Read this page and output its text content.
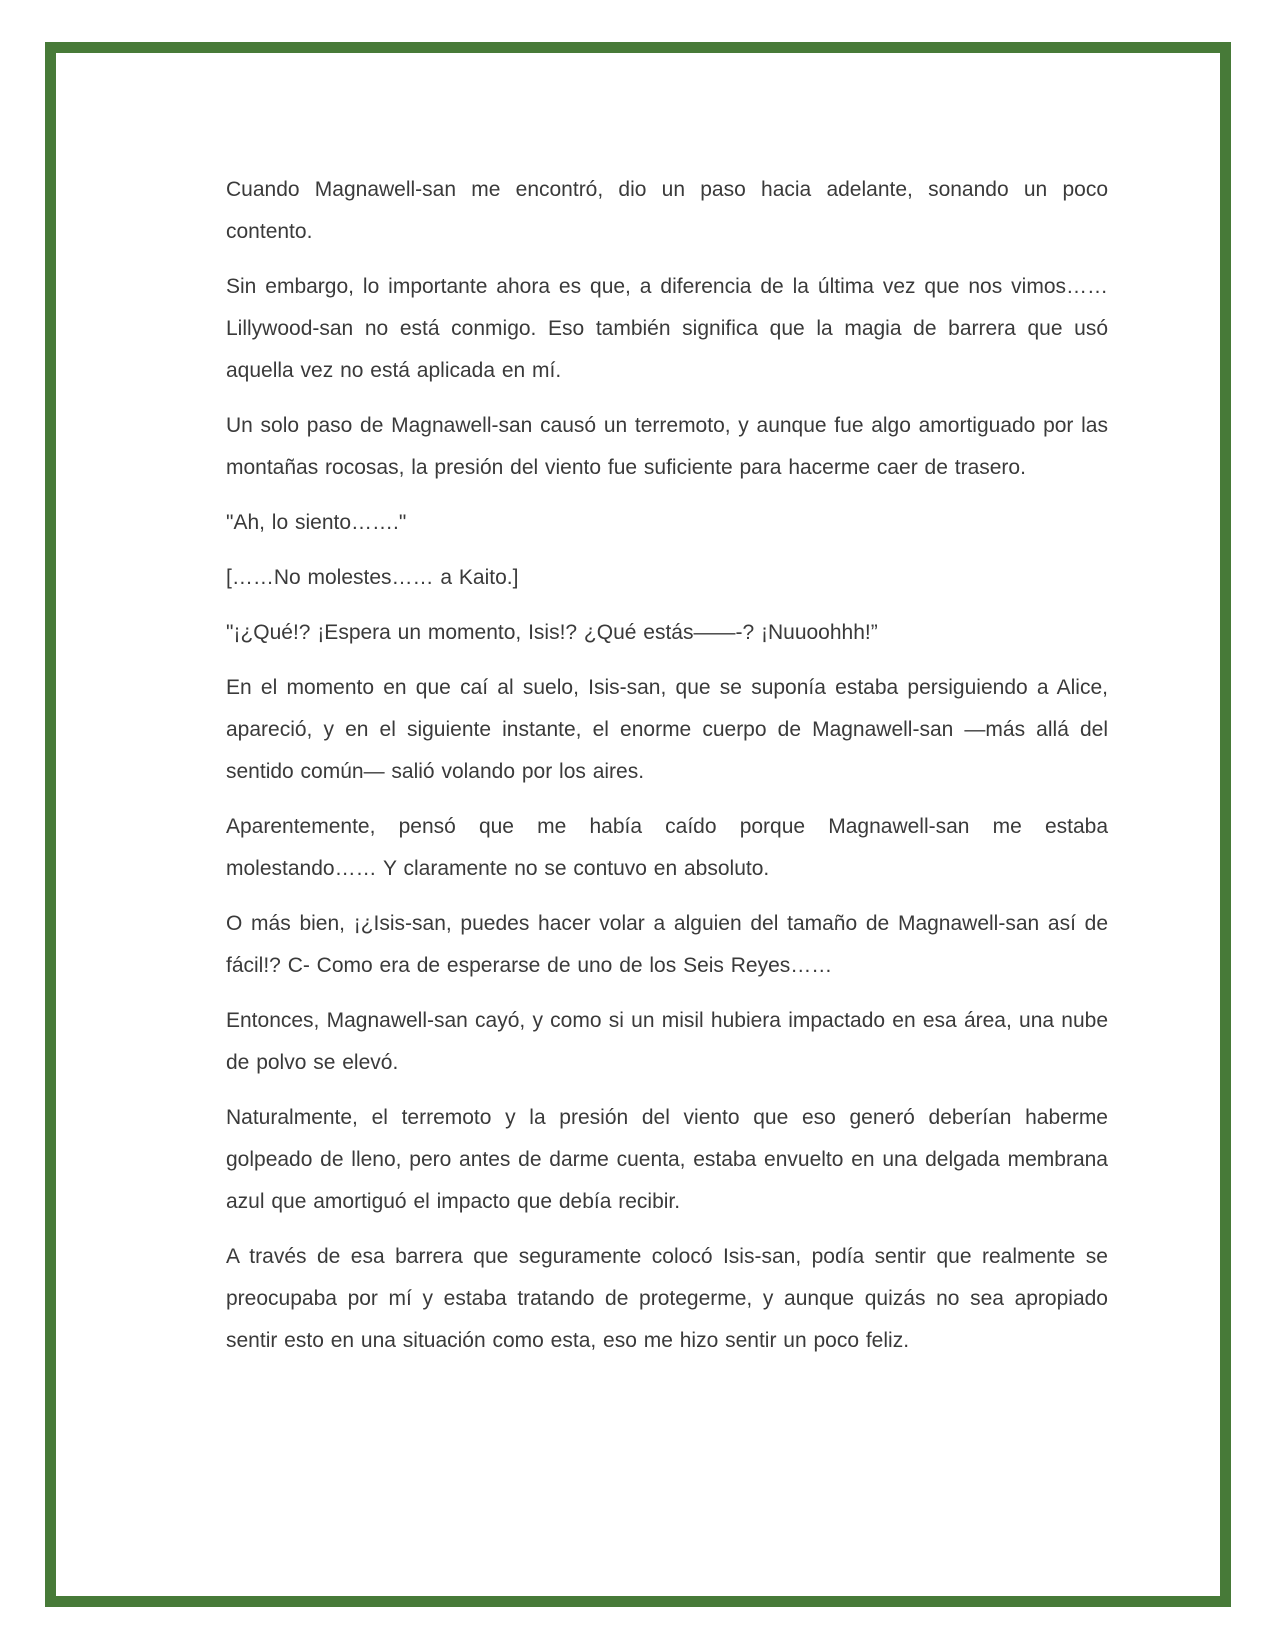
Cuando Magnawell-san me encontró, dio un paso hacia adelante, sonando un poco contento.

Sin embargo, lo importante ahora es que, a diferencia de la última vez que nos vimos…… Lillywood-san no está conmigo. Eso también significa que la magia de barrera que usó aquella vez no está aplicada en mí.

Un solo paso de Magnawell-san causó un terremoto, y aunque fue algo amortiguado por las montañas rocosas, la presión del viento fue suficiente para hacerme caer de trasero.

"Ah, lo siento……."

[……No molestes…… a Kaito.]

"¡¿Qué!? ¡Espera un momento, Isis!? ¿Qué estás——-? ¡Nuuoohhh!”

En el momento en que caí al suelo, Isis-san, que se suponía estaba persiguiendo a Alice, apareció, y en el siguiente instante, el enorme cuerpo de Magnawell-san —más allá del sentido común— salió volando por los aires.

Aparentemente, pensó que me había caído porque Magnawell-san me estaba molestando…… Y claramente no se contuvo en absoluto.

O más bien, ¡¿Isis-san, puedes hacer volar a alguien del tamaño de Magnawell-san así de fácil!? C- Como era de esperarse de uno de los Seis Reyes……

Entonces, Magnawell-san cayó, y como si un misil hubiera impactado en esa área, una nube de polvo se elevó.

Naturalmente, el terremoto y la presión del viento que eso generó deberían haberme golpeado de lleno, pero antes de darme cuenta, estaba envuelto en una delgada membrana azul que amortiguó el impacto que debía recibir.

A través de esa barrera que seguramente colocó Isis-san, podía sentir que realmente se preocupaba por mí y estaba tratando de protegerme, y aunque quizás no sea apropiado sentir esto en una situación como esta, eso me hizo sentir un poco feliz.
